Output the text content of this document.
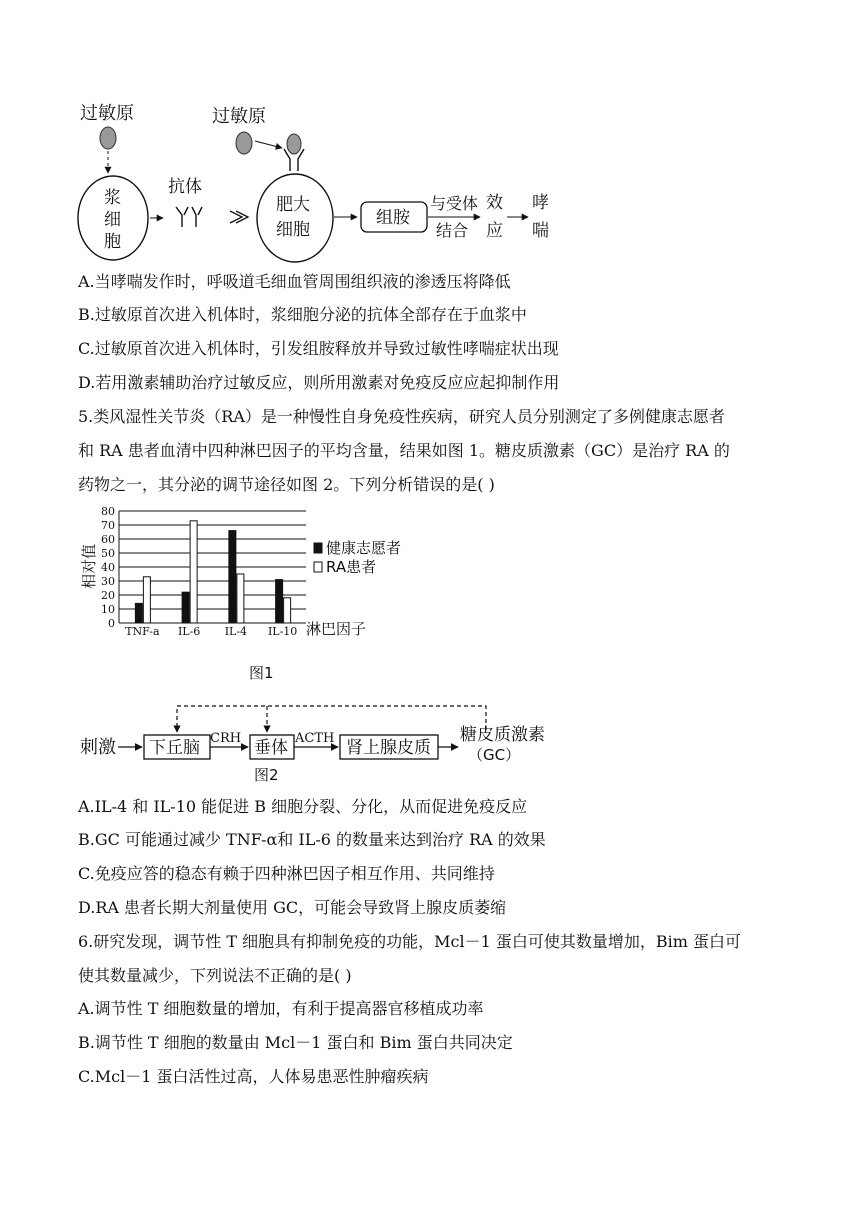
过敏原
浆
细
胞
抗体
过敏原
肥大
细胞
组胺
与受体
结合
效
应
哮
喘
A.当哮喘发作时，呼吸道毛细血管周围组织液的渗透压将降低
B.过敏原首次进入机体时，浆细胞分泌的抗体全部存在于血浆中
C.过敏原首次进入机体时，引发组胺释放并导致过敏性哮喘症状出现
D.若用激素辅助治疗过敏反应，则所用激素对免疫反应应起抑制作用
5.类风湿性关节炎（RA）是一种慢性自身免疫性疾病，研究人员分别测定了多例健康志愿者
和 RA 患者血清中四种淋巴因子的平均含量，结果如图 1。糖皮质激素（GC）是治疗 RA 的
药物之一，其分泌的调节途径如图 2。下列分析错误的是( )
0
10
20
30
40
50
60
70
80
TNF-a IL-6 IL-4 IL-10
相对值
淋巴因子
健康志愿者
RA患者
图1
刺激 下丘脑 CRH 垂体 ACTH 肾上腺皮质
糖皮质激素
（GC）
图2
A.IL-4 和 IL-10 能促进 B 细胞分裂、分化，从而促进免疫反应
B.GC 可能通过减少 TNF-α和 IL-6 的数量来达到治疗 RA 的效果
C.免疫应答的稳态有赖于四种淋巴因子相互作用、共同维持
D.RA 患者长期大剂量使用 GC，可能会导致肾上腺皮质萎缩
6.研究发现，调节性 T 细胞具有抑制免疫的功能，Mcl－1 蛋白可使其数量增加，Bim 蛋白可
使其数量减少，下列说法不正确的是( )
A.调节性 T 细胞数量的增加，有利于提高器官移植成功率
B.调节性 T 细胞的数量由 Mcl－1 蛋白和 Bim 蛋白共同决定
C.Mcl－1 蛋白活性过高，人体易患恶性肿瘤疾病
